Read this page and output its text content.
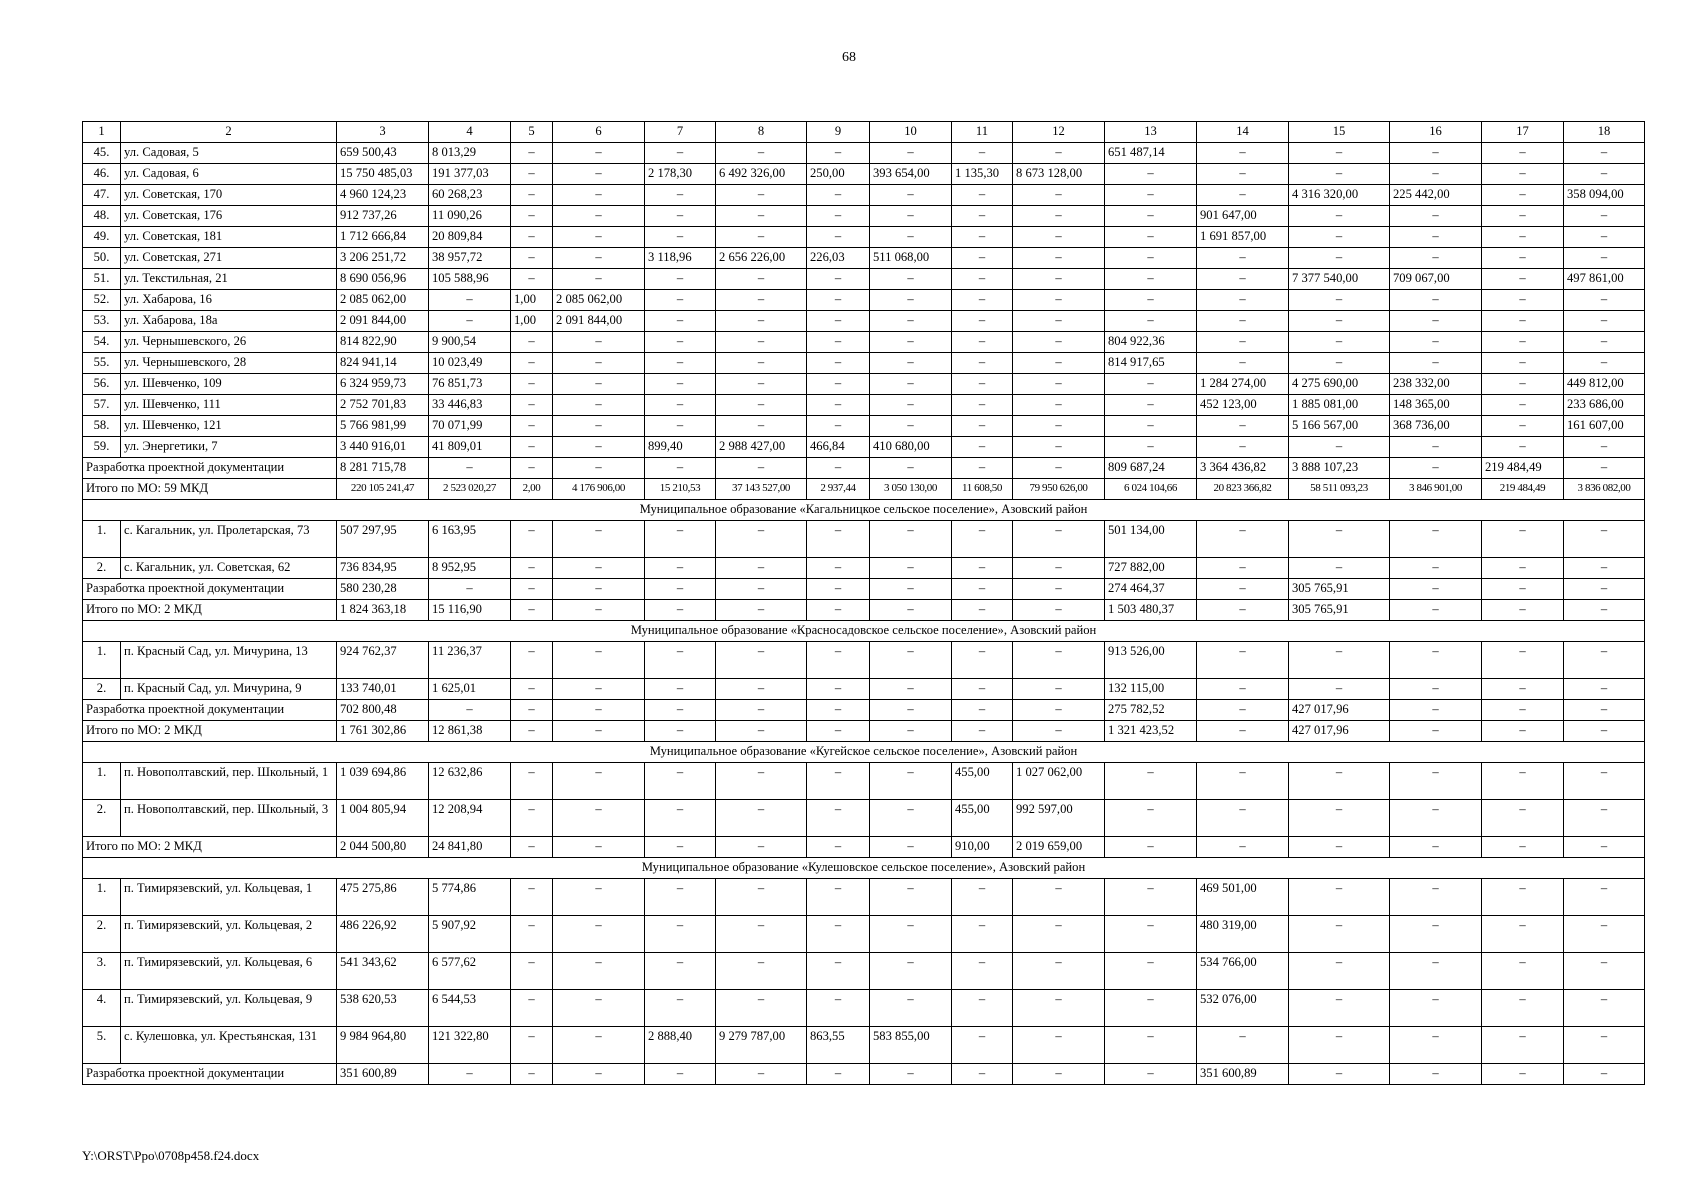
68
1	2	3	4	5	6	7	8	9	10	11	12	13	14	15	16	17	18
45.	ул. Садовая, 5	659 500,43	8 013,29	–	–	–	–	–	–	–	–	651 487,14	–	–	–	–	–
46.	ул. Садовая, 6	15 750 485,03	191 377,03	–	–	2 178,30	6 492 326,00	250,00	393 654,00	1 135,30	8 673 128,00	–	–	–	–	–	–
47.	ул. Советская, 170	4 960 124,23	60 268,23	–	–	–	–	–	–	–	–	–	–	4 316 320,00	225 442,00	–	358 094,00
48.	ул. Советская, 176	912 737,26	11 090,26	–	–	–	–	–	–	–	–	–	901 647,00	–	–	–	–
49.	ул. Советская, 181	1 712 666,84	20 809,84	–	–	–	–	–	–	–	–	–	1 691 857,00	–	–	–	–
50.	ул. Советская, 271	3 206 251,72	38 957,72	–	–	3 118,96	2 656 226,00	226,03	511 068,00	–	–	–	–	–	–	–	–
51.	ул. Текстильная, 21	8 690 056,96	105 588,96	–	–	–	–	–	–	–	–	–	–	7 377 540,00	709 067,00	–	497 861,00
52.	ул. Хабарова, 16	2 085 062,00	–	1,00	2 085 062,00	–	–	–	–	–	–	–	–	–	–	–	–
53.	ул. Хабарова, 18а	2 091 844,00	–	1,00	2 091 844,00	–	–	–	–	–	–	–	–	–	–	–	–
54.	ул. Чернышевского, 26	814 822,90	9 900,54	–	–	–	–	–	–	–	–	804 922,36	–	–	–	–	–
55.	ул. Чернышевского, 28	824 941,14	10 023,49	–	–	–	–	–	–	–	–	814 917,65	–	–	–	–	–
56.	ул. Шевченко, 109	6 324 959,73	76 851,73	–	–	–	–	–	–	–	–	–	1 284 274,00	4 275 690,00	238 332,00	–	449 812,00
57.	ул. Шевченко, 111	2 752 701,83	33 446,83	–	–	–	–	–	–	–	–	–	452 123,00	1 885 081,00	148 365,00	–	233 686,00
58.	ул. Шевченко, 121	5 766 981,99	70 071,99	–	–	–	–	–	–	–	–	–	–	5 166 567,00	368 736,00	–	161 607,00
59.	ул. Энергетики, 7	3 440 916,01	41 809,01	–	–	899,40	2 988 427,00	466,84	410 680,00	–	–	–	–	–	–	–	–
Разработка проектной документации		8 281 715,78	–	–	–	–	–	–	–	–	–	809 687,24	3 364 436,82	3 888 107,23	–	219 484,49	–
Итого по МО: 59 МКД		220 105 241,47	2 523 020,27	2,00	4 176 906,00	15 210,53	37 143 527,00	2 937,44	3 050 130,00	11 608,50	79 950 626,00	6 024 104,66	20 823 366,82	58 511 093,23	3 846 901,00	219 484,49	3 836 082,00
Муниципальное образование «Кагальницкое сельское поселение», Азовский район																	
1.	с. Кагальник, ул. Пролетарская, 73	507 297,95	6 163,95	–	–	–	–	–	–	–	–	501 134,00	–	–	–	–	–
2.	с. Кагальник, ул. Советская, 62	736 834,95	8 952,95	–	–	–	–	–	–	–	–	727 882,00	–	–	–	–	–
Разработка проектной документации		580 230,28	–	–	–	–	–	–	–	–	–	274 464,37	–	305 765,91	–	–	–
Итого по МО: 2 МКД		1 824 363,18	15 116,90	–	–	–	–	–	–	–	–	1 503 480,37	–	305 765,91	–	–	–
Муниципальное образование «Красносадовское сельское поселение», Азовский район																	
1.	п. Красный Сад, ул. Мичурина, 13	924 762,37	11 236,37	–	–	–	–	–	–	–	–	913 526,00	–	–	–	–	–
2.	п. Красный Сад, ул. Мичурина, 9	133 740,01	1 625,01	–	–	–	–	–	–	–	–	132 115,00	–	–	–	–	–
Разработка проектной документации		702 800,48	–	–	–	–	–	–	–	–	–	275 782,52	–	427 017,96	–	–	–
Итого по МО: 2 МКД		1 761 302,86	12 861,38	–	–	–	–	–	–	–	–	1 321 423,52	–	427 017,96	–	–	–
Муниципальное образование «Кугейское сельское поселение», Азовский район																	
1.	п. Новополтавский, пер. Школьный, 1	1 039 694,86	12 632,86	–	–	–	–	–	–	455,00	1 027 062,00	–	–	–	–	–	–
2.	п. Новополтавский, пер. Школьный, 3	1 004 805,94	12 208,94	–	–	–	–	–	–	455,00	992 597,00	–	–	–	–	–	–
Итого по МО: 2 МКД		2 044 500,80	24 841,80	–	–	–	–	–	–	910,00	2 019 659,00	–	–	–	–	–	–
Муниципальное образование «Кулешовское сельское поселение», Азовский район																	
1.	п. Тимирязевский, ул. Кольцевая, 1	475 275,86	5 774,86	–	–	–	–	–	–	–	–	–	469 501,00	–	–	–	–
2.	п. Тимирязевский, ул. Кольцевая, 2	486 226,92	5 907,92	–	–	–	–	–	–	–	–	–	480 319,00	–	–	–	–
3.	п. Тимирязевский, ул. Кольцевая, 6	541 343,62	6 577,62	–	–	–	–	–	–	–	–	–	534 766,00	–	–	–	–
4.	п. Тимирязевский, ул. Кольцевая, 9	538 620,53	6 544,53	–	–	–	–	–	–	–	–	–	532 076,00	–	–	–	–
5.	с. Кулешовка, ул. Крестьянская, 131	9 984 964,80	121 322,80	–	–	2 888,40	9 279 787,00	863,55	583 855,00	–	–	–	–	–	–	–	–
Разработка проектной документации		351 600,89	–	–	–	–	–	–	–	–	–	–	351 600,89	–	–	–	–
Y:\ORST\Ppo\0708p458.f24.docx
